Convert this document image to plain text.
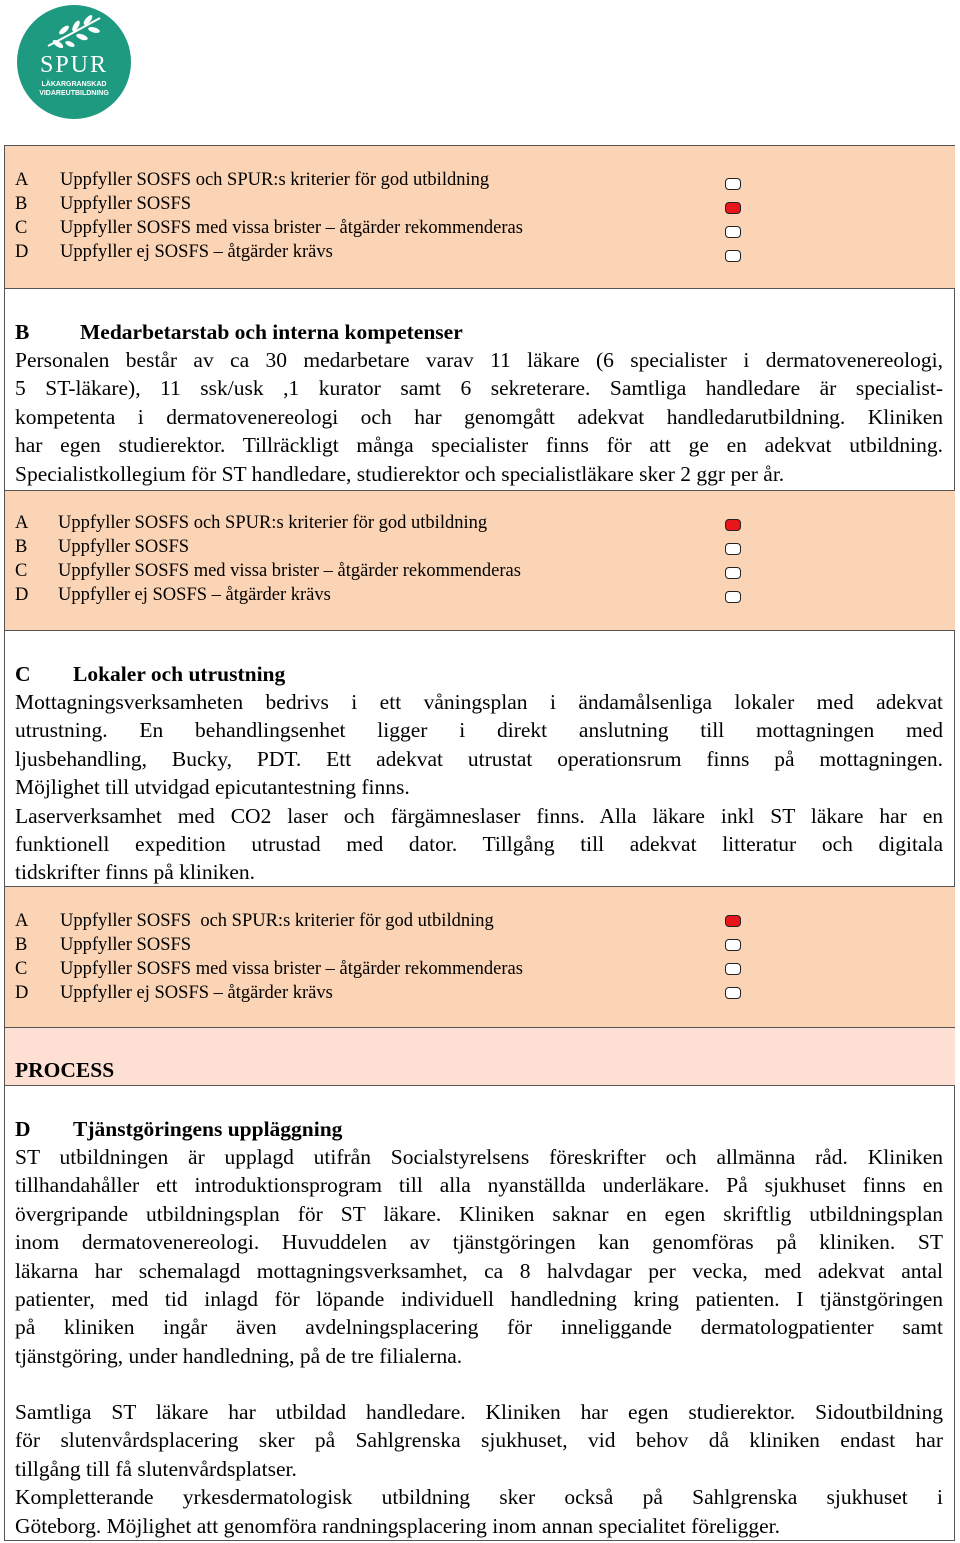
SPUR
LÄKARGRANSKAD
VIDAREUTBILDNING
A Uppfyller SOSFS och SPUR:s kriterier för god utbildning
B Uppfyller SOSFS
C Uppfyller SOSFS med vissa brister – åtgärder rekommenderas
D Uppfyller ej SOSFS – åtgärder krävs
B Medarbetarstab och interna kompetenser
Personalen består av ca 30 medarbetare varav 11 läkare (6 specialister i dermatovenereologi,
5 ST-läkare), 11 ssk/usk ,1 kurator samt 6 sekreterare. Samtliga handledare är specialist-
kompetenta i dermatovenereologi och har genomgått adekvat handledarutbildning. Kliniken
har egen studierektor. Tillräckligt många specialister finns för att ge en adekvat utbildning.
Specialistkollegium för ST handledare, studierektor och specialistläkare sker 2 ggr per år.
A Uppfyller SOSFS och SPUR:s kriterier för god utbildning
B Uppfyller SOSFS
C Uppfyller SOSFS med vissa brister – åtgärder rekommenderas
D Uppfyller ej SOSFS – åtgärder krävs
C Lokaler och utrustning
Mottagningsverksamheten bedrivs i ett våningsplan i ändamålsenliga lokaler med adekvat
utrustning. En behandlingsenhet ligger i direkt anslutning till mottagningen med
ljusbehandling, Bucky, PDT. Ett adekvat utrustat operationsrum finns på mottagningen.
Möjlighet till utvidgad epicutantestning finns.
Laserverksamhet med CO2 laser och färgämneslaser finns. Alla läkare inkl ST läkare har en
funktionell expedition utrustad med dator. Tillgång till adekvat litteratur och digitala
tidskrifter finns på kliniken.
A Uppfyller SOSFS  och SPUR:s kriterier för god utbildning
B Uppfyller SOSFS
C Uppfyller SOSFS med vissa brister – åtgärder rekommenderas
D Uppfyller ej SOSFS – åtgärder krävs
PROCESS
D Tjänstgöringens uppläggning
ST utbildningen är upplagd utifrån Socialstyrelsens föreskrifter och allmänna råd. Kliniken
tillhandahåller ett introduktionsprogram till alla nyanställda underläkare. På sjukhuset finns en
övergripande utbildningsplan för ST läkare. Kliniken saknar en egen skriftlig utbildningsplan
inom dermatovenereologi. Huvuddelen av tjänstgöringen kan genomföras på kliniken. ST
läkarna har schemalagd mottagningsverksamhet, ca 8 halvdagar per vecka, med adekvat antal
patienter, med tid inlagd för löpande individuell handledning kring patienten. I tjänstgöringen
på kliniken ingår även avdelningsplacering för inneliggande dermatologpatienter samt
tjänstgöring, under handledning, på de tre filialerna.
Samtliga ST läkare har utbildad handledare. Kliniken har egen studierektor. Sidoutbildning
för slutenvårdsplacering sker på Sahlgrenska sjukhuset, vid behov då kliniken endast har
tillgång till få slutenvårdsplatser.
Kompletterande yrkesdermatologisk utbildning sker också på Sahlgrenska sjukhuset i
Göteborg. Möjlighet att genomföra randningsplacering inom annan specialitet föreligger.
